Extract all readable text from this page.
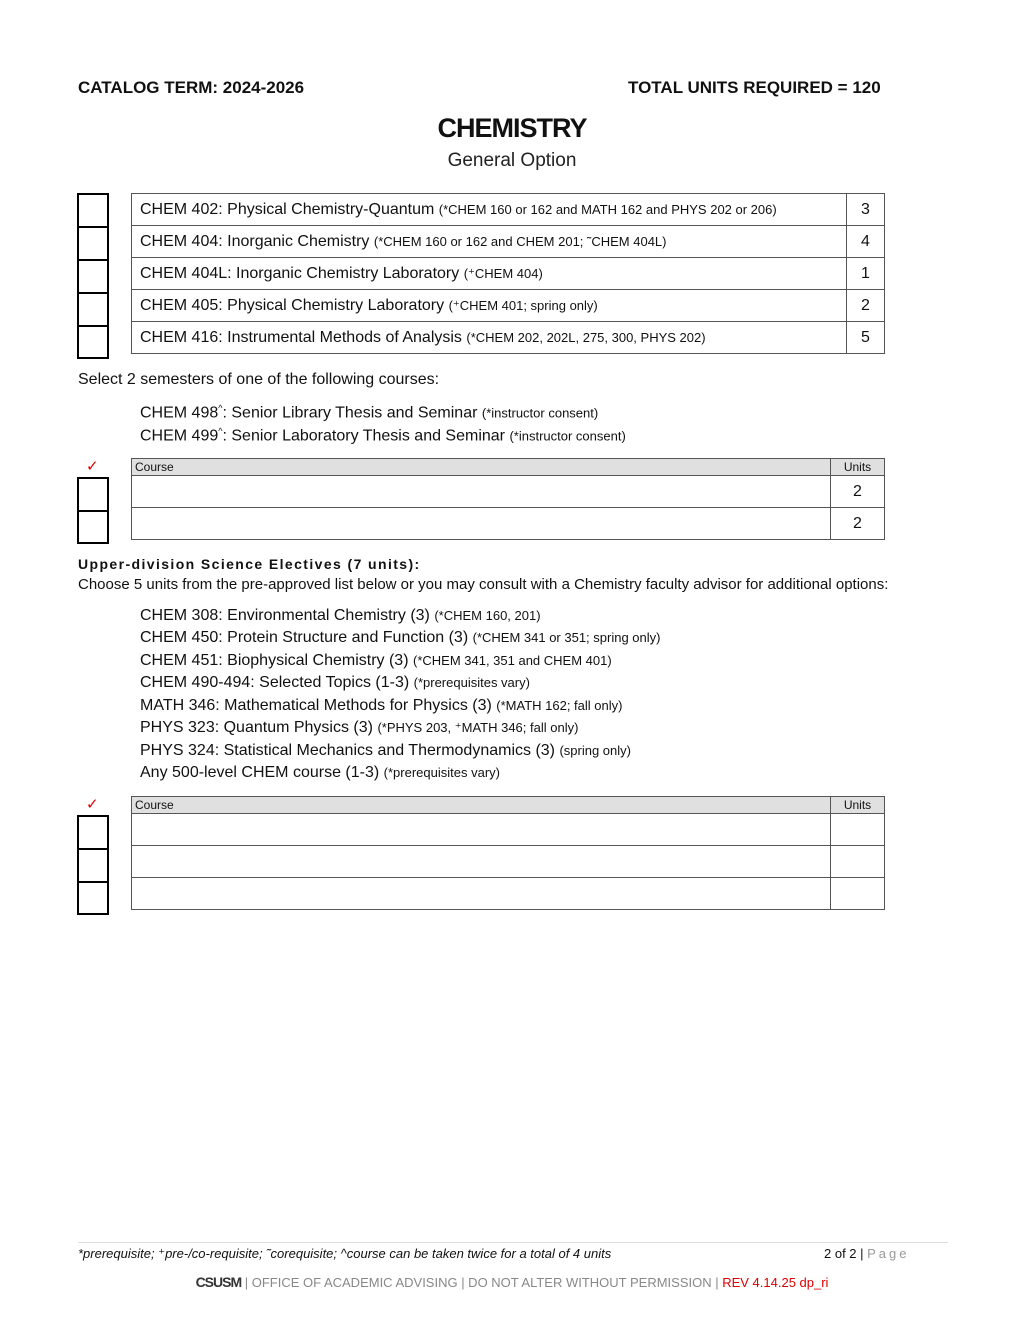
CATALOG TERM: 2024-2026	TOTAL UNITS REQUIRED = 120
CHEMISTRY
General Option
CHEM 402: Physical Chemistry-Quantum (*CHEM 160 or 162 and MATH 162 and PHYS 202 or 206)	3
CHEM 404: Inorganic Chemistry (*CHEM 160 or 162 and CHEM 201; ˜CHEM 404L)	4
CHEM 404L: Inorganic Chemistry Laboratory (⁺CHEM 404)	1
CHEM 405: Physical Chemistry Laboratory (⁺CHEM 401; spring only)	2
CHEM 416: Instrumental Methods of Analysis (*CHEM 202, 202L, 275, 300, PHYS 202)	5
Select 2 semesters of one of the following courses:
CHEM 498^: Senior Library Thesis and Seminar (*instructor consent)
CHEM 499^: Senior Laboratory Thesis and Seminar (*instructor consent)
✓	Course	Units
	2
	2
Upper-division Science Electives (7 units):
Choose 5 units from the pre-approved list below or you may consult with a Chemistry faculty advisor for additional options:
CHEM 308: Environmental Chemistry (3) (*CHEM 160, 201)
CHEM 450: Protein Structure and Function (3) (*CHEM 341 or 351; spring only)
CHEM 451: Biophysical Chemistry (3) (*CHEM 341, 351 and CHEM 401)
CHEM 490-494: Selected Topics (1-3) (*prerequisites vary)
MATH 346: Mathematical Methods for Physics (3) (*MATH 162; fall only)
PHYS 323: Quantum Physics (3) (*PHYS 203, ⁺MATH 346; fall only)
PHYS 324: Statistical Mechanics and Thermodynamics (3) (spring only)
Any 500-level CHEM course (1-3) (*prerequisites vary)
✓	Course	Units

*prerequisite; ⁺pre-/co-requisite; ˜corequisite; ^course can be taken twice for a total of 4 units	2 of 2 | Page
CSUSM | OFFICE OF ACADEMIC ADVISING | DO NOT ALTER WITHOUT PERMISSION | REV 4.14.25 dp_ri
